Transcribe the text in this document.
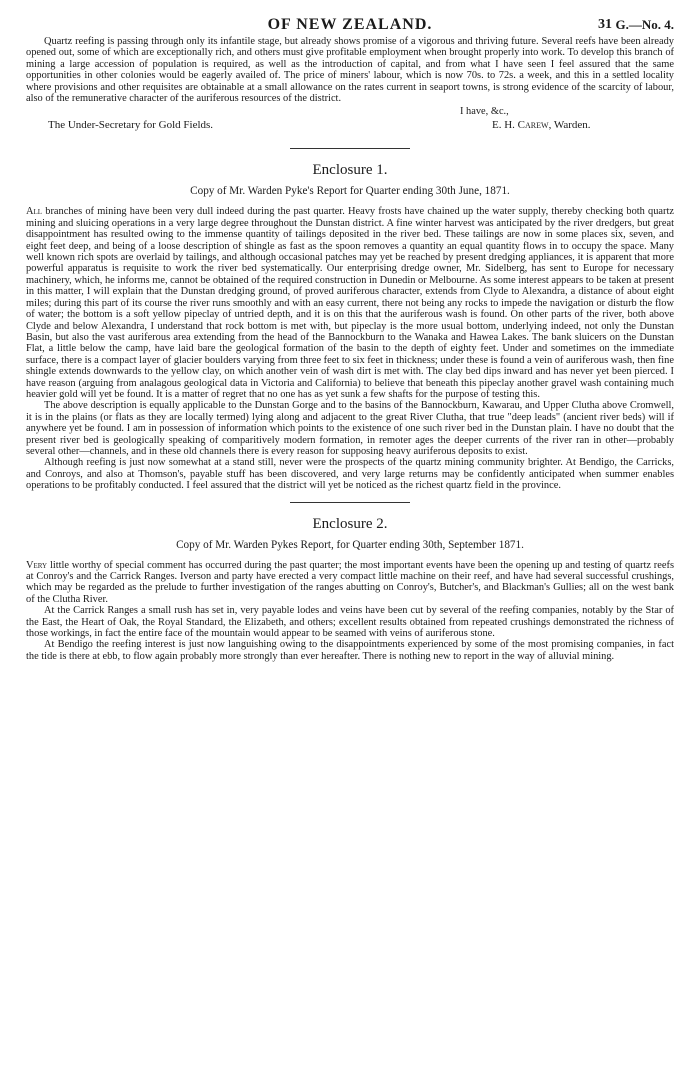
OF NEW ZEALAND.	31 G.—No. 4.

Quartz reefing is passing through only its infantile stage, but already shows promise of a vigorous and thriving future. Several reefs have been already opened out, some of which are exceptionally rich, and others must give profitable employment when brought properly into work. To develop this branch of mining a large accession of population is required, as well as the introduction of capital, and from what I have seen I feel assured that the same opportunities in other colonies would be eagerly availed of. The price of miners' labour, which is now 70s. to 72s. a week, and this in a settled locality where provisions and other requisites are obtainable at a small allowance on the rates current in seaport towns, is strong evidence of the scarcity of labour, also of the remunerative character of the auriferous resources of the district.

I have, &c.,
The Under-Secretary for Gold Fields.	E. H. Carew, Warden.
Enclosure 1.
Copy of Mr. Warden Pyke's Report for Quarter ending 30th June, 1871.

All branches of mining have been very dull indeed during the past quarter. Heavy frosts have chained up the water supply, thereby checking both quartz mining and sluicing operations in a very large degree throughout the Dunstan district. A fine winter harvest was anticipated by the river dredgers, but great disappointment has resulted owing to the immense quantity of tailings deposited in the river bed. These tailings are now in some places six, seven, and eight feet deep, and being of a loose description of shingle as fast as the spoon removes a quantity an equal quantity flows in to occupy the space. Many well known rich spots are overlaid by tailings, and although occasional patches may yet be reached by present dredging appliances, it is apparent that more powerful apparatus is requisite to work the river bed systematically. Our enterprising dredge owner, Mr. Sidelberg, has sent to Europe for necessary machinery, which, he informs me, cannot be obtained of the required construction in Dunedin or Melbourne. As some interest appears to be taken at present in this matter, I will explain that the Dunstan dredging ground, of proved auriferous character, extends from Clyde to Alexandra, a distance of about eight miles; during this part of its course the river runs smoothly and with an easy current, there not being any rocks to impede the navigation or disturb the flow of water; the bottom is a soft yellow pipeclay of untried depth, and it is on this that the auriferous wash is found. On other parts of the river, both above Clyde and below Alexandra, I understand that rock bottom is met with, but pipeclay is the more usual bottom, underlying indeed, not only the Dunstan Basin, but also the vast auriferous area extending from the head of the Bannockburn to the Wanaka and Hawea Lakes. The bank sluicers on the Dunstan Flat, a little below the camp, have laid bare the geological formation of the basin to the depth of eighty feet. Under and sometimes on the immediate surface, there is a compact layer of glacier boulders varying from three feet to six feet in thickness; under these is found a vein of auriferous wash, then fine shingle extends downwards to the yellow clay, on which another vein of wash dirt is met with. The clay bed dips inward and has never yet been pierced. I have reason (arguing from analagous geological data in Victoria and California) to believe that beneath this pipeclay another gravel wash containing much heavier gold will yet be found. It is a matter of regret that no one has as yet sunk a few shafts for the purpose of testing this.

The above description is equally applicable to the Dunstan Gorge and to the basins of the Bannockburn, Kawarau, and Upper Clutha above Cromwell, it is in the plains (or flats as they are locally termed) lying along and adjacent to the great River Clutha, that true "deep leads" (ancient river beds) will if anywhere yet be found. I am in possession of information which points to the existence of one such river bed in the Dunstan plain. I have no doubt that the present river bed is geologically speaking of comparitively modern formation, in remoter ages the deeper currents of the river ran in other—probably several other—channels, and in these old channels there is every reason for supposing heavy auriferous deposits to exist.

Although reefing is just now somewhat at a stand still, never were the prospects of the quartz mining community brighter. At Bendigo, the Carricks, and Conroys, and also at Thomson's, payable stuff has been discovered, and very large returns may be confidently anticipated when summer enables operations to be profitably conducted. I feel assured that the district will yet be noticed as the richest quartz field in the province.

Enclosure 2.
Copy of Mr. Warden Pykes Report, for Quarter ending 30th, September 1871.

Very little worthy of special comment has occurred during the past quarter; the most important events have been the opening up and testing of quartz reefs at Conroy's and the Carrick Ranges. Iverson and party have erected a very compact little machine on their reef, and have had several successful crushings, which may be regarded as the prelude to further investigation of the ranges abutting on Conroy's, Butcher's, and Blackman's Gullies; all on the west bank of the Clutha River.

At the Carrick Ranges a small rush has set in, very payable lodes and veins have been cut by several of the reefing companies, notably by the Star of the East, the Heart of Oak, the Royal Standard, the Elizabeth, and others; excellent results obtained from repeated crushings demonstrated the richness of those workings, in fact the entire face of the mountain would appear to be seamed with veins of auriferous stone.

At Bendigo the reefing interest is just now languishing owing to the disappointments experienced by some of the most promising companies, in fact the tide is there at ebb, to flow again probably more strongly than ever hereafter. There is nothing new to report in the way of alluvial mining.
